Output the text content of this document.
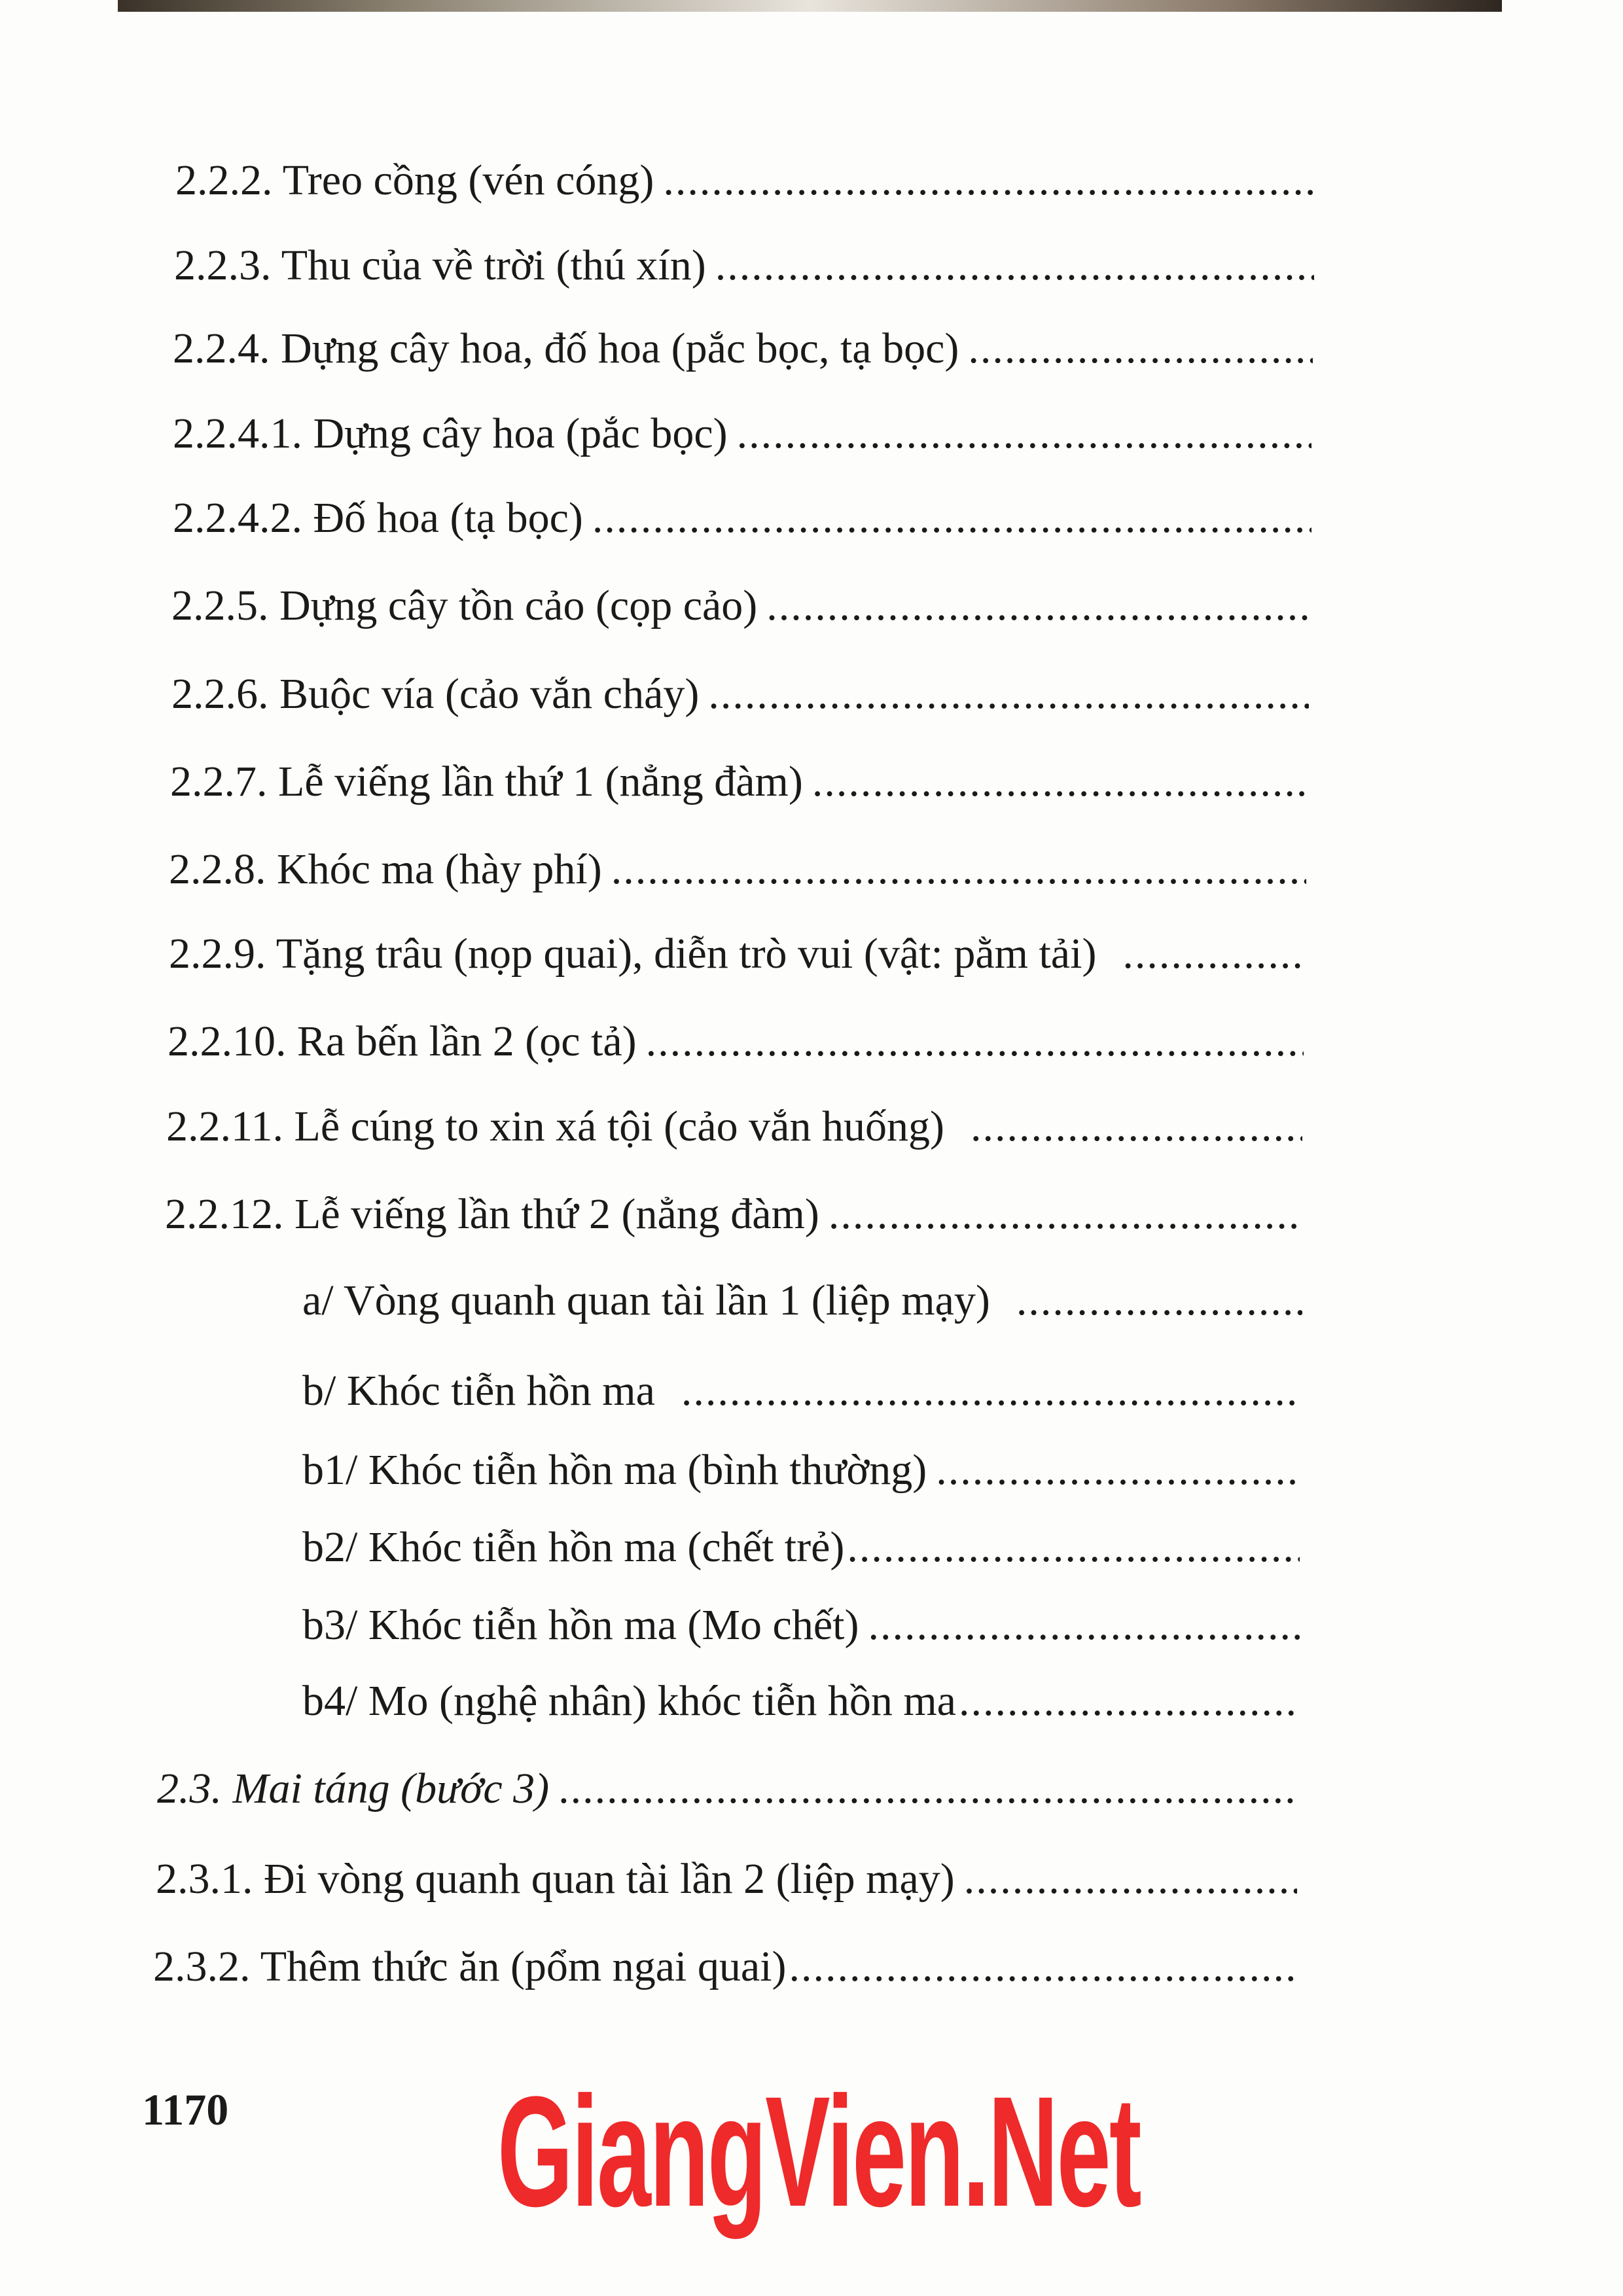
2.2.2. Treo cồng (vén cóng)
.....
2.2.3. Thu của về trời (thú xín)
.....
2.2.4. Dựng cây hoa, đố hoa (pắc bọc, tạ bọc)
.....
2.2.4.1. Dựng cây hoa (pắc bọc)
.....
2.2.4.2. Đố hoa (tạ bọc)
.....
2.2.5. Dựng cây tồn cảo (cọp cảo)
.....
2.2.6. Buộc vía (cảo vắn cháy)
.....
2.2.7. Lễ viếng lần thứ 1 (nẳng đàm)
.....
2.2.8. Khóc ma (hày phí)
.....
2.2.9. Tặng trâu (nọp quai), diễn trò vui (vật: pằm tải)
.....
2.2.10. Ra bến lần 2 (ọc tả)
.....
2.2.11. Lễ cúng to xin xá tội (cảo vắn huống)
.....
2.2.12. Lễ viếng lần thứ 2 (nẳng đàm)
.....
a/ Vòng quanh quan tài lần 1 (liệp mạy)
.....
b/ Khóc tiễn hồn ma
.....
b1/ Khóc tiễn hồn ma (bình thường)
.....
b2/ Khóc tiễn hồn ma (chết trẻ)
.....
b3/ Khóc tiễn hồn ma (Mo chết)
.....
b4/ Mo (nghệ nhân) khóc tiễn hồn ma
.....
2.3. Mai táng (bước 3)
.....
2.3.1. Đi vòng quanh quan tài lần 2 (liệp mạy)
.....
2.3.2. Thêm thức ăn (pổm ngai quai)
.....
1170 GiangVien.Net
